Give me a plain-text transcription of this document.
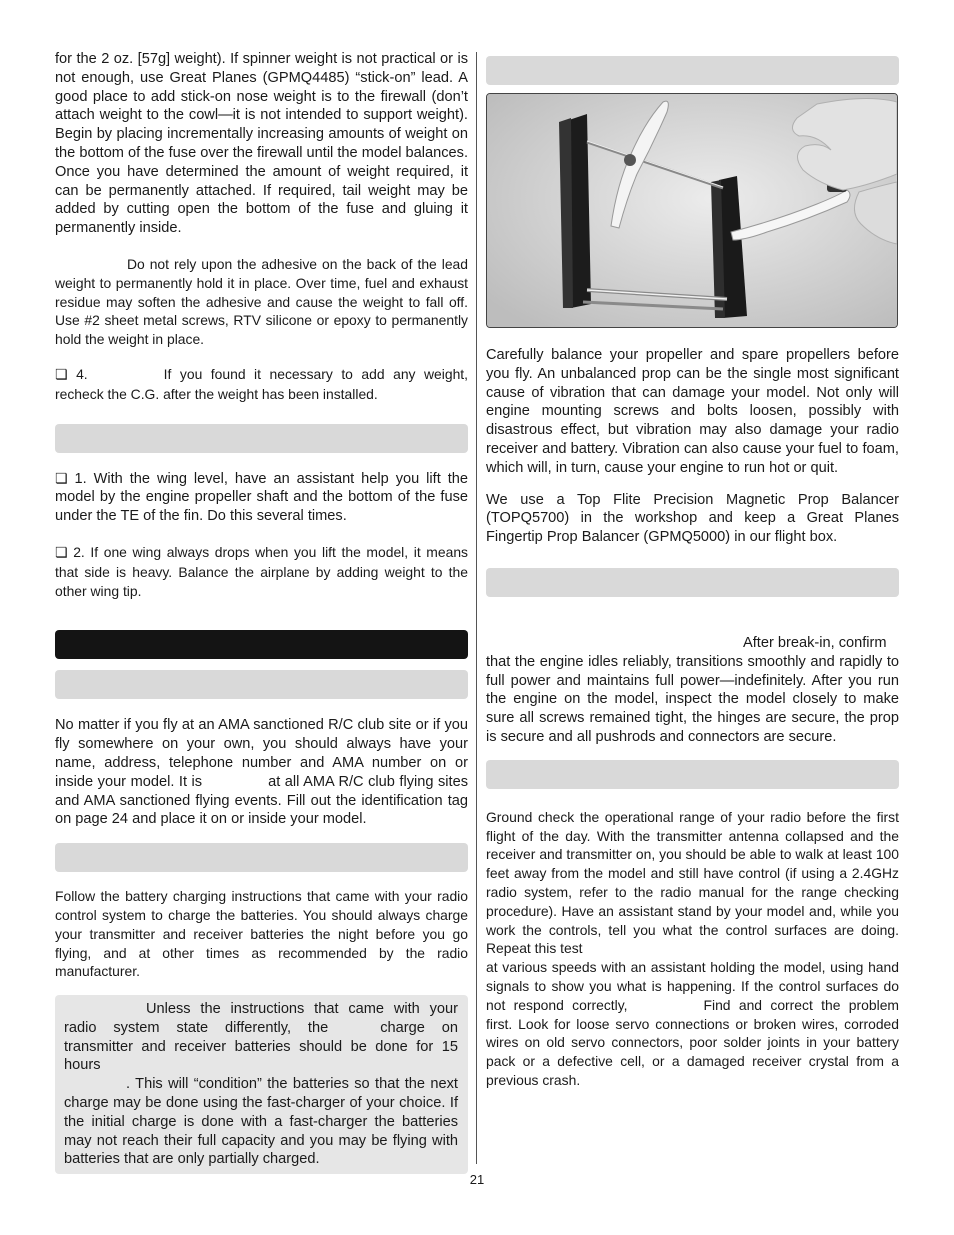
for the 2 oz. [57g] weight). If spinner weight is not practical or is not enough, use Great Planes (GPMQ4485) “stick-on” lead. A good place to add stick-on nose weight is to the firewall (don’t attach weight to the cowl—it is not intended to support weight). Begin by placing incrementally increasing amounts of weight on the bottom of the fuse over the firewall until the model balances. Once you have determined the amount of weight required, it can be permanently attached. If required, tail weight may be added by cutting open the bottom of the fuse and gluing it permanently inside.

Do not rely upon the adhesive on the back of the lead weight to permanently hold it in place. Over time, fuel and exhaust residue may soften the adhesive and cause the weight to fall off. Use #2 sheet metal screws, RTV silicone or epoxy to permanently hold the weight in place.

❏ 4.	If you found it necessary to add any weight, recheck the C.G. after the weight has been installed.

❏ 1. With the wing level, have an assistant help you lift the model by the engine propeller shaft and the bottom of the fuse under the TE of the fin. Do this several times.

❏ 2. If one wing always drops when you lift the model, it means that side is heavy. Balance the airplane by adding weight to the other wing tip.

No matter if you fly at an AMA sanctioned R/C club site or if you fly somewhere on your own, you should always have your name, address, telephone number and AMA number on or inside your model. It is	at all AMA R/C club flying sites and AMA sanctioned flying events. Fill out the identification tag on page 24 and place it on or inside your model.

Follow the battery charging instructions that came with your radio control system to charge the batteries. You should always charge your transmitter and receiver batteries the night before you go flying, and at other times as recommended by the radio manufacturer.

Unless the instructions that came with your radio system state differently, the	charge on transmitter and receiver batteries should be done for 15 hours
. This will “condition” the batteries so that the next charge may be done using the fast-charger of your choice. If the initial charge is done with a fast-charger the batteries may not reach their full capacity and you may be flying with batteries that are only partially charged.

Carefully balance your propeller and spare propellers before you fly. An unbalanced prop can be the single most significant cause of vibration that can damage your model. Not only will engine mounting screws and bolts loosen, possibly with disastrous effect, but vibration may also damage your radio receiver and battery. Vibration can also cause your fuel to foam, which will, in turn, cause your engine to run hot or quit.

We use a Top Flite Precision Magnetic Prop Balancer (TOPQ5700) in the workshop and keep a Great Planes Fingertip Prop Balancer (GPMQ5000) in our flight box.

After break-in, confirm
that the engine idles reliably, transitions smoothly and rapidly to full power and maintains full power—indefinitely. After you run the engine on the model, inspect the model closely to make sure all screws remained tight, the hinges are secure, the prop is secure and all pushrods and connectors are secure.

Ground check the operational range of your radio before the first flight of the day. With the transmitter antenna collapsed and the receiver and transmitter on, you should be able to walk at least 100 feet away from the model and still have control (if using a 2.4GHz radio system, refer to the radio manual for the range checking procedure). Have an assistant stand by your model and, while you work the controls, tell you what the control surfaces are doing. Repeat this test
at various speeds with an assistant holding the model, using hand signals to show you what is happening. If the control surfaces do not respond correctly,	Find and correct the problem first. Look for loose servo connections or broken wires, corroded wires on old servo connectors, poor solder joints in your battery pack or a defective cell, or a damaged receiver crystal from a previous crash.

21
